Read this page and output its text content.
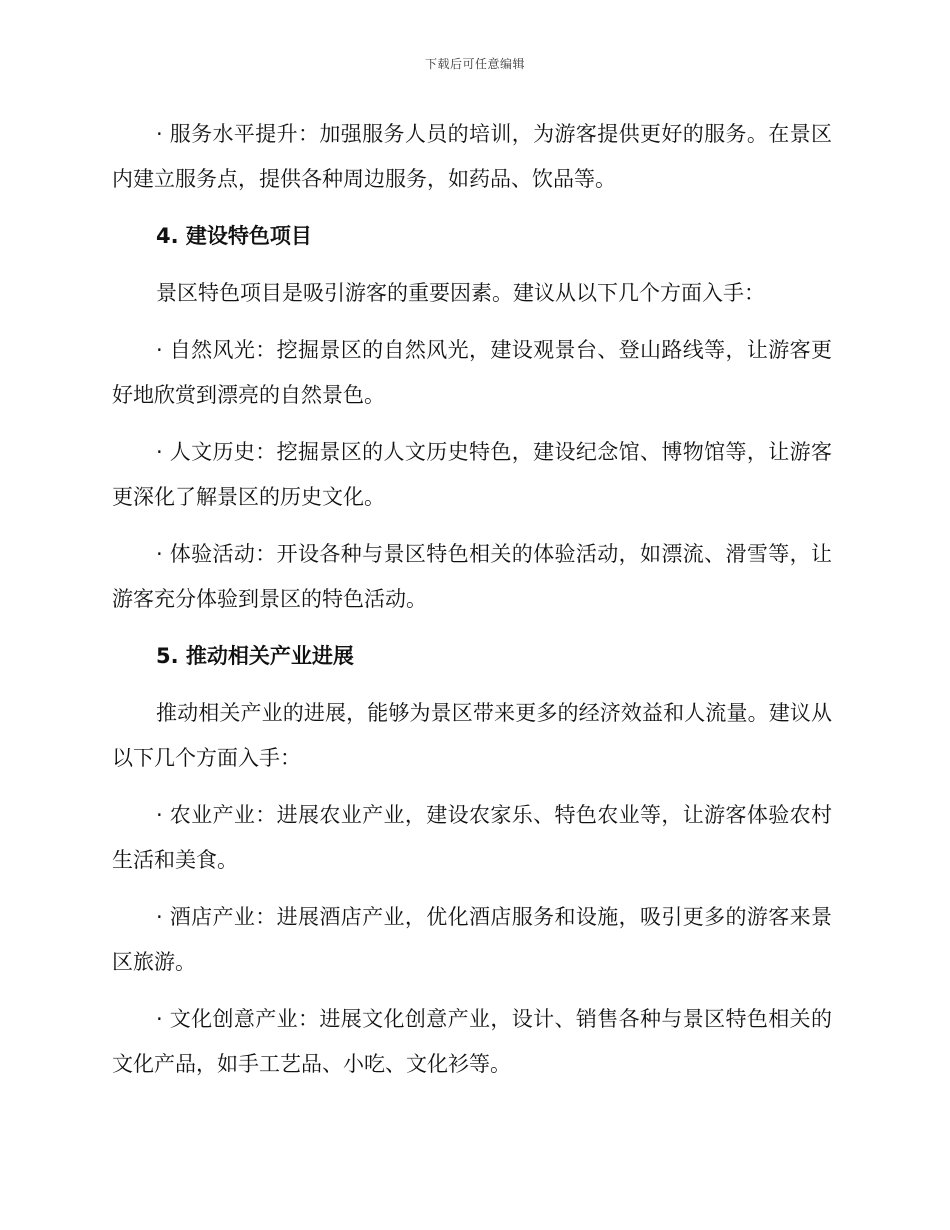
下载后可任意编辑

· 服务水平提升：加强服务人员的培训，为游客提供更好的服务。在景区内建立服务点，提供各种周边服务，如药品、饮品等。

4. 建设特色项目

景区特色项目是吸引游客的重要因素。建议从以下几个方面入手：

· 自然风光：挖掘景区的自然风光，建设观景台、登山路线等，让游客更好地欣赏到漂亮的自然景色。

· 人文历史：挖掘景区的人文历史特色，建设纪念馆、博物馆等，让游客更深化了解景区的历史文化。

· 体验活动：开设各种与景区特色相关的体验活动，如漂流、滑雪等，让游客充分体验到景区的特色活动。

5. 推动相关产业进展

推动相关产业的进展，能够为景区带来更多的经济效益和人流量。建议从以下几个方面入手：

· 农业产业：进展农业产业，建设农家乐、特色农业等，让游客体验农村生活和美食。

· 酒店产业：进展酒店产业，优化酒店服务和设施，吸引更多的游客来景区旅游。

· 文化创意产业：进展文化创意产业，设计、销售各种与景区特色相关的文化产品，如手工艺品、小吃、文化衫等。
